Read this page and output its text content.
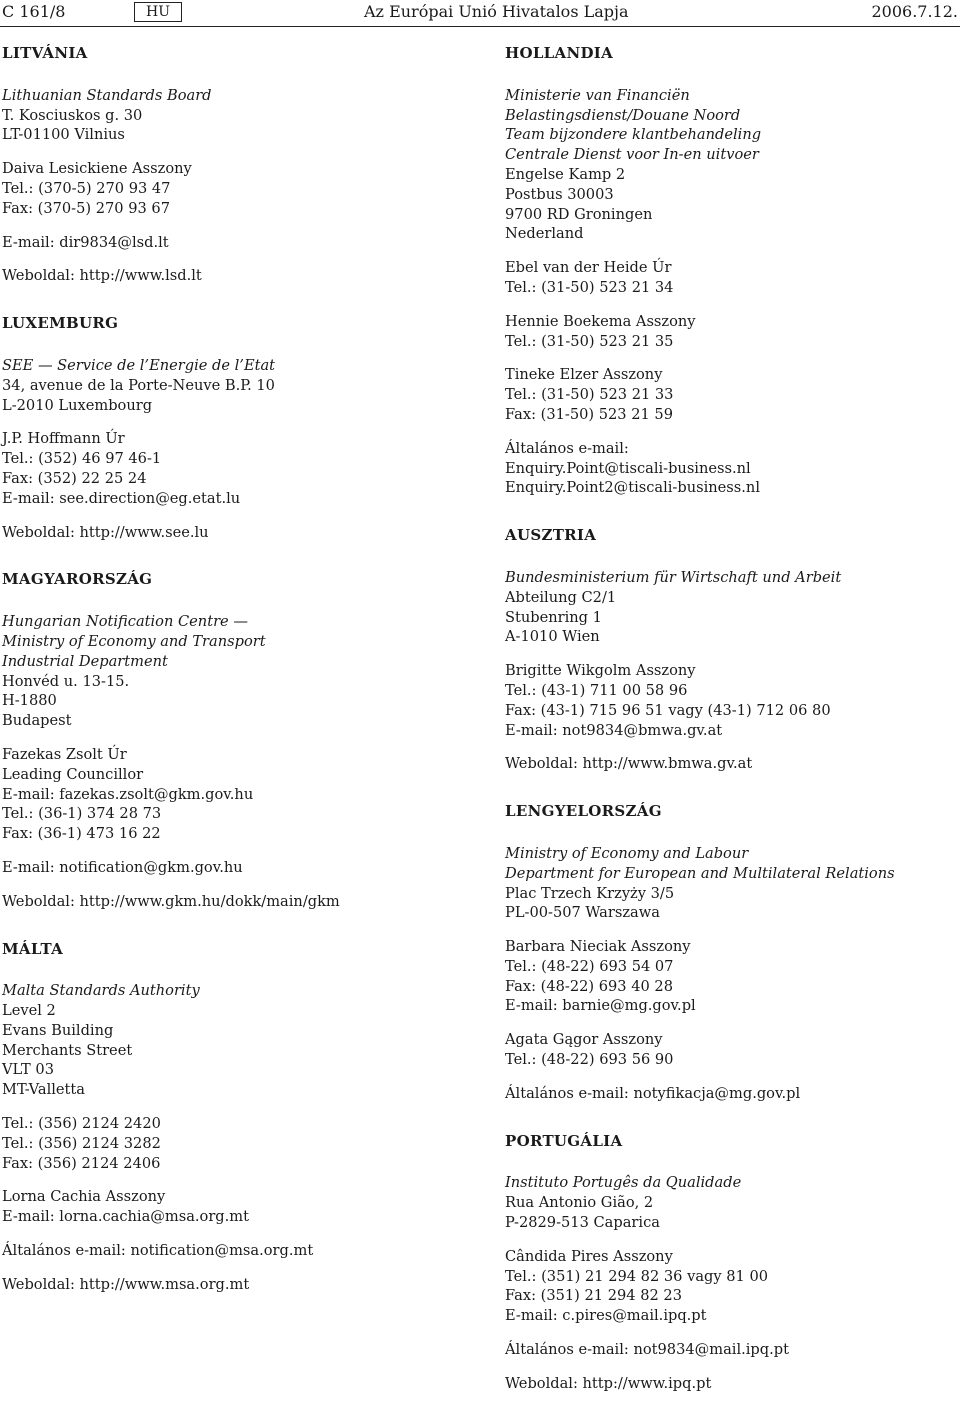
C 161/8	HU	Az Európai Unió Hivatalos Lapja	2006.7.12.
LITVÁNIA
Lithuanian Standards Board
T. Kosciuskos g. 30
LT-01100 Vilnius
Daiva Lesickiene Asszony
Tel.: (370-5) 270 93 47
Fax: (370-5) 270 93 67
E-mail: dir9834@lsd.lt
Weboldal: http://www.lsd.lt
LUXEMBURG
SEE — Service de l’Energie de l’Etat
34, avenue de la Porte-Neuve B.P. 10
L-2010 Luxembourg
J.P. Hoffmann Úr
Tel.: (352) 46 97 46-1
Fax: (352) 22 25 24
E-mail: see.direction@eg.etat.lu
Weboldal: http://www.see.lu
MAGYARORSZÁG
Hungarian Notification Centre —
Ministry of Economy and Transport
Industrial Department
Honvéd u. 13-15.
H-1880
Budapest
Fazekas Zsolt Úr
Leading Councillor
E-mail: fazekas.zsolt@gkm.gov.hu
Tel.: (36-1) 374 28 73
Fax: (36-1) 473 16 22
E-mail: notification@gkm.gov.hu
Weboldal: http://www.gkm.hu/dokk/main/gkm
MÁLTA
Malta Standards Authority
Level 2
Evans Building
Merchants Street
VLT 03
MT-Valletta
Tel.: (356) 2124 2420
Tel.: (356) 2124 3282
Fax: (356) 2124 2406
Lorna Cachia Asszony
E-mail: lorna.cachia@msa.org.mt
Általános e-mail: notification@msa.org.mt
Weboldal: http://www.msa.org.mt
HOLLANDIA
Ministerie van Financiën
Belastingsdienst/Douane Noord
Team bijzondere klantbehandeling
Centrale Dienst voor In-en uitvoer
Engelse Kamp 2
Postbus 30003
9700 RD Groningen
Nederland
Ebel van der Heide Úr
Tel.: (31-50) 523 21 34
Hennie Boekema Asszony
Tel.: (31-50) 523 21 35
Tineke Elzer Asszony
Tel.: (31-50) 523 21 33
Fax: (31-50) 523 21 59
Általános e-mail:
Enquiry.Point@tiscali-business.nl
Enquiry.Point2@tiscali-business.nl
AUSZTRIA
Bundesministerium für Wirtschaft und Arbeit
Abteilung C2/1
Stubenring 1
A-1010 Wien
Brigitte Wikgolm Asszony
Tel.: (43-1) 711 00 58 96
Fax: (43-1) 715 96 51 vagy (43-1) 712 06 80
E-mail: not9834@bmwa.gv.at
Weboldal: http://www.bmwa.gv.at
LENGYELORSZÁG
Ministry of Economy and Labour
Department for European and Multilateral Relations
Plac Trzech Krzyży 3/5
PL-00-507 Warszawa
Barbara Nieciak Asszony
Tel.: (48-22) 693 54 07
Fax: (48-22) 693 40 28
E-mail: barnie@mg.gov.pl
Agata Gągor Asszony
Tel.: (48-22) 693 56 90
Általános e-mail: notyfikacja@mg.gov.pl
PORTUGÁLIA
Instituto Portugês da Qualidade
Rua Antonio Gião, 2
P-2829-513 Caparica
Cândida Pires Asszony
Tel.: (351) 21 294 82 36 vagy 81 00
Fax: (351) 21 294 82 23
E-mail: c.pires@mail.ipq.pt
Általános e-mail: not9834@mail.ipq.pt
Weboldal: http://www.ipq.pt
